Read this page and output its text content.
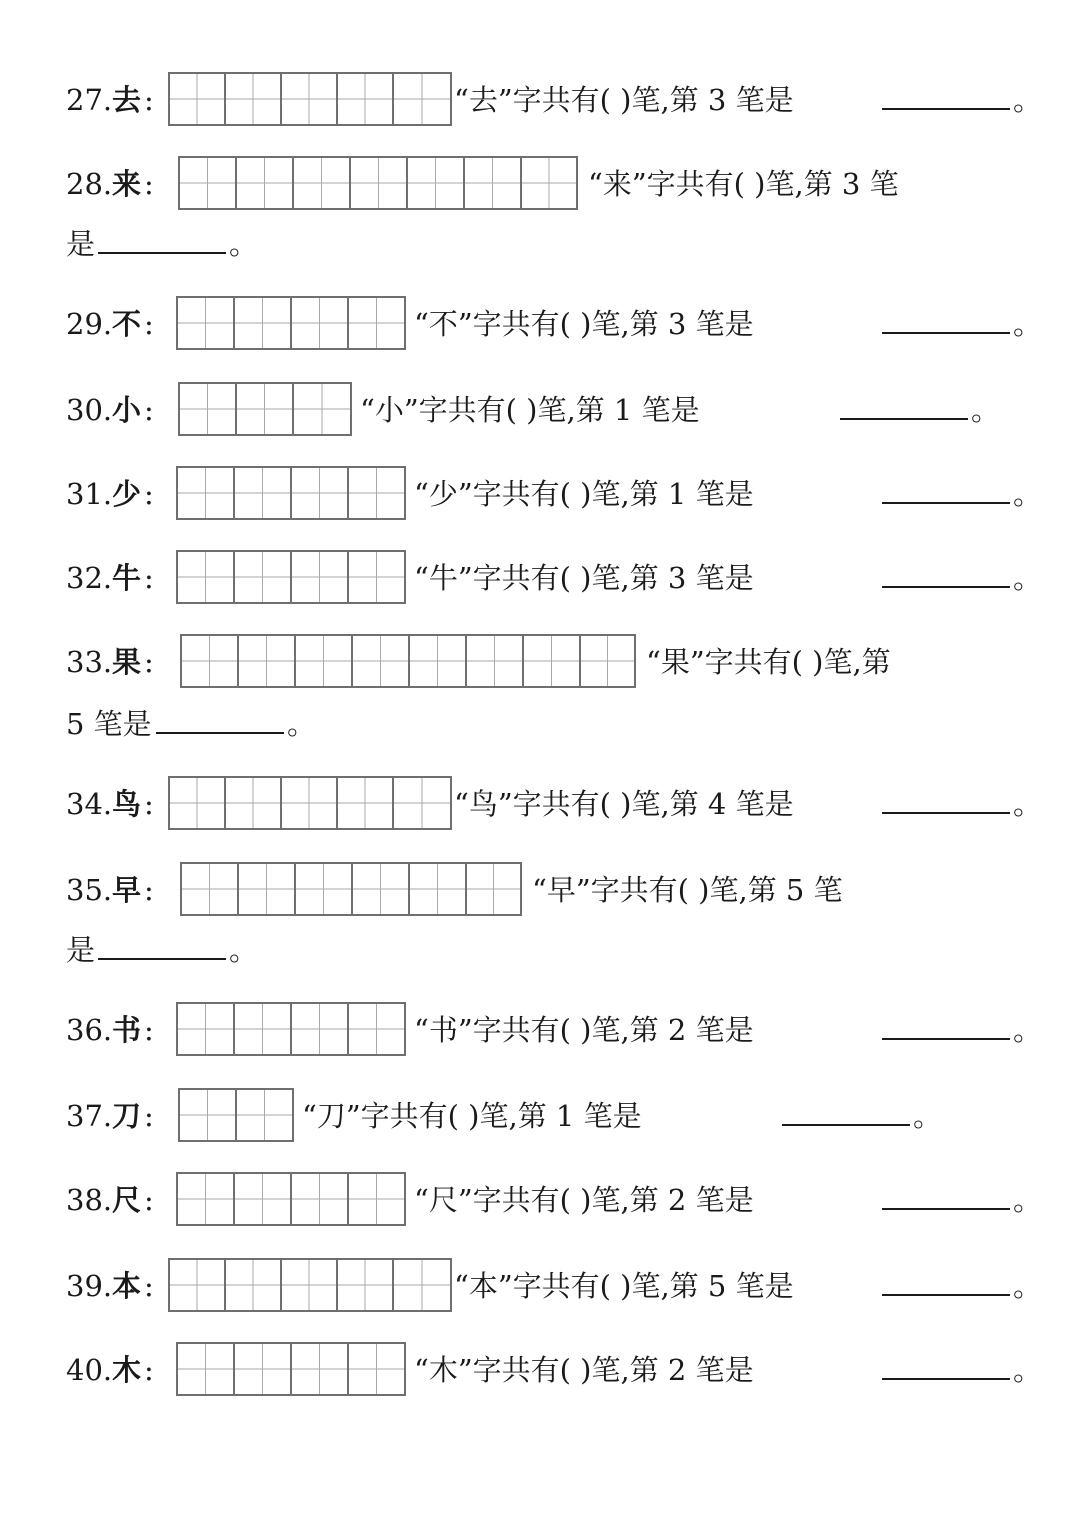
27. 去 :	“去”字共有( )笔,第 3 笔是	。
28. 来 :	“来”字共有( )笔,第 3 笔
是	。
29. 不 :	“不”字共有( )笔,第 3 笔是	。
30. 小 :	“小”字共有( )笔,第 1 笔是	。
31. 少 :	“少”字共有( )笔,第 1 笔是	。
32. 牛 :	“牛”字共有( )笔,第 3 笔是	。
33. 果 :	“果”字共有( )笔,第
5 笔是	。
34. 鸟 :	“鸟”字共有( )笔,第 4 笔是	。
35. 早 :	“早”字共有( )笔,第 5 笔
是	。
36. 书 :	“书”字共有( )笔,第 2 笔是	。
37. 刀 :	“刀”字共有( )笔,第 1 笔是	。
38. 尺 :	“尺”字共有( )笔,第 2 笔是	。
39. 本 :	“本”字共有( )笔,第 5 笔是	。
40. 木 :	“木”字共有( )笔,第 2 笔是	。
